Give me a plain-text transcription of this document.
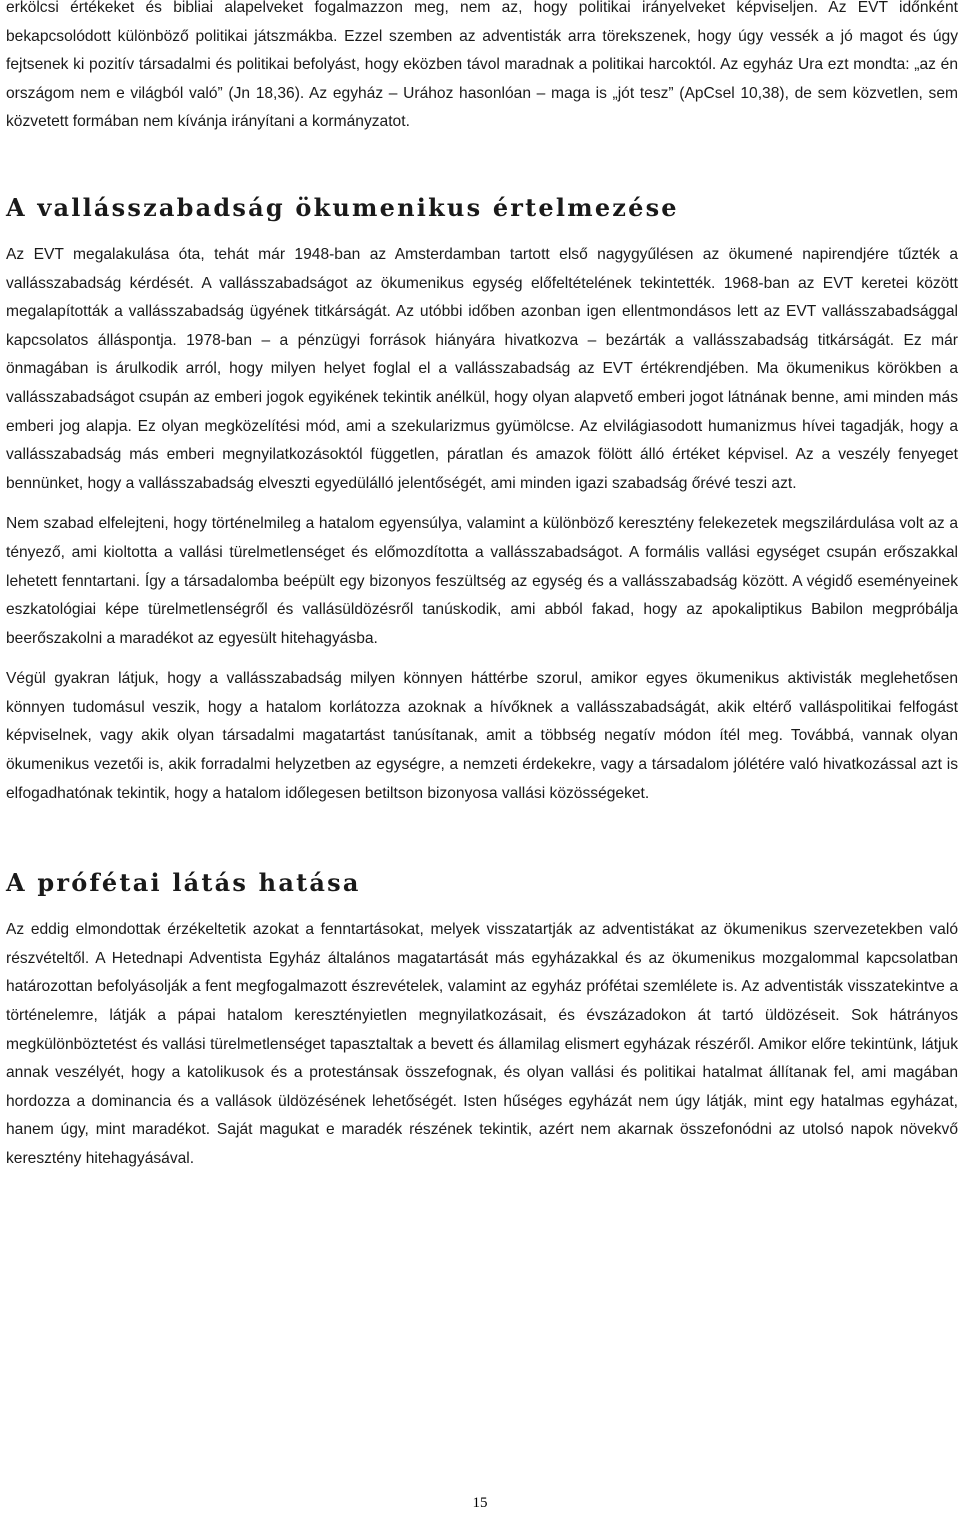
erkölcsi értékeket és bibliai alapelveket fogalmazzon meg, nem az, hogy politikai irányelveket képviseljen. Az EVT időnként bekapcsolódott különböző politikai játszmákba. Ezzel szemben az adventisták arra törekszenek, hogy úgy vessék a jó magot és úgy fejtsenek ki pozitív társadalmi és politikai befolyást, hogy eközben távol maradnak a politikai harcoktól. Az egyház Ura ezt mondta: „az én országom nem e világból való” (Jn 18,36). Az egyház – Urához hasonlóan – maga is „jót tesz” (ApCsel 10,38), de sem közvetlen, sem közvetett formában nem kívánja irányítani a kormányzatot.

A vallásszabadság ökumenikus értelmezése

Az EVT megalakulása óta, tehát már 1948-ban az Amsterdamban tartott első nagygyűlésen az ökumené napirendjére tűzték a vallásszabadság kérdését. A vallásszabadságot az ökumenikus egység előfeltételének tekintették. 1968-ban az EVT keretei között megalapították a vallásszabadság ügyének titkárságát. Az utóbbi időben azonban igen ellentmondásos lett az EVT vallásszabadsággal kapcsolatos álláspontja. 1978-ban – a pénzügyi források hiányára hivatkozva – bezárták a vallásszabadság titkárságát. Ez már önmagában is árulkodik arról, hogy milyen helyet foglal el a vallásszabadság az EVT értékrendjében. Ma ökumenikus körökben a vallásszabadságot csupán az emberi jogok egyikének tekintik anélkül, hogy olyan alapvető emberi jogot látnának benne, ami minden más emberi jog alapja. Ez olyan megközelítési mód, ami a szekularizmus gyümölcse. Az elvilágiasodott humanizmus hívei tagadják, hogy a vallásszabadság más emberi megnyilatkozásoktól független, páratlan és amazok fölött álló értéket képvisel. Az a veszély fenyeget bennünket, hogy a vallásszabadság elveszti egyedülálló jelentőségét, ami minden igazi szabadság őrévé teszi azt.

Nem szabad elfelejteni, hogy történelmileg a hatalom egyensúlya, valamint a különböző keresztény felekezetek megszilárdulása volt az a tényező, ami kioltotta a vallási türelmetlenséget és előmozdította a vallásszabadságot. A formális vallási egységet csupán erőszakkal lehetett fenntartani. Így a társadalomba beépült egy bizonyos feszültség az egység és a vallásszabadság között. A végidő eseményeinek eszkatológiai képe türelmetlenségről és vallásüldözésről tanúskodik, ami abból fakad, hogy az apokaliptikus Babilon megpróbálja beerőszakolni a maradékot az egyesült hitehagyásba.

Végül gyakran látjuk, hogy a vallásszabadság milyen könnyen háttérbe szorul, amikor egyes ökumenikus aktivisták meglehetősen könnyen tudomásul veszik, hogy a hatalom korlátozza azoknak a hívőknek a vallásszabadságát, akik eltérő valláspolitikai felfogást képviselnek, vagy akik olyan társadalmi magatartást tanúsítanak, amit a többség negatív módon ítél meg. Továbbá, vannak olyan ökumenikus vezetői is, akik forradalmi helyzetben az egységre, a nemzeti érdekekre, vagy a társadalom jólétére való hivatkozással azt is elfogadhatónak tekintik, hogy a hatalom időlegesen betiltson bizonyosa vallási közösségeket.

A prófétai látás hatása

Az eddig elmondottak érzékeltetik azokat a fenntartásokat, melyek visszatartják az adventistákat az ökumenikus szervezetekben való részvételtől. A Hetednapi Adventista Egyház általános magatartását más egyházakkal és az ökumenikus mozgalommal kapcsolatban határozottan befolyásolják a fent megfogalmazott észrevételek, valamint az egyház prófétai szemlélete is. Az adventisták visszatekintve a történelemre, látják a pápai hatalom keresztényietlen megnyilatkozásait, és évszázadokon át tartó üldözéseit. Sok hátrányos megkülönböztetést és vallási türelmetlenséget tapasztaltak a bevett és államilag elismert egyházak részéről. Amikor előre tekintünk, látjuk annak veszélyét, hogy a katolikusok és a protestánsak összefognak, és olyan vallási és politikai hatalmat állítanak fel, ami magában hordozza a dominancia és a vallások üldözésének lehetőségét. Isten hűséges egyházát nem úgy látják, mint egy hatalmas egyházat, hanem úgy, mint maradékot. Saját magukat e maradék részének tekintik, azért nem akarnak összefonódni az utolsó napok növekvő keresztény hitehagyásával.

15
